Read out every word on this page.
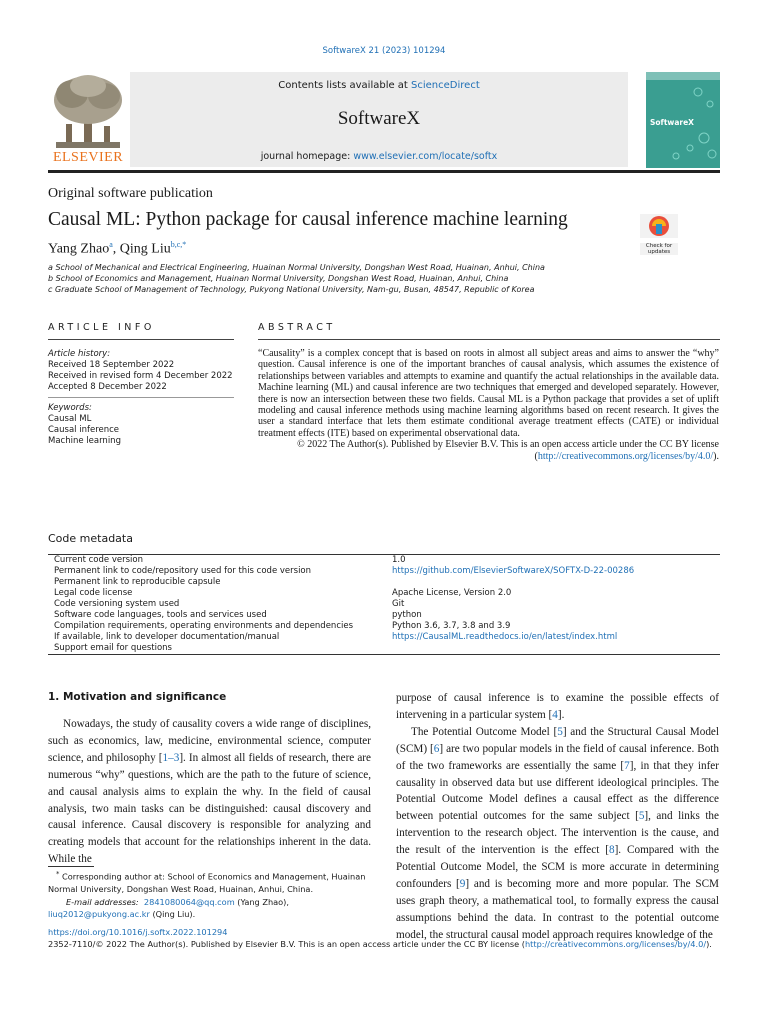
SoftwareX 21 (2023) 101294
ELSEVIER
Contents lists available at ScienceDirect
SoftwareX
journal homepage: www.elsevier.com/locate/softx
SoftwareX
Original software publication
Causal ML: Python package for causal inference machine learning
Yang Zhao$^a$, Qing Liu$^{b,c,*}$	Check for
updates
a School of Mechanical and Electrical Engineering, Huainan Normal University, Dongshan West Road, Huainan, Anhui, China
b School of Economics and Management, Huainan Normal University, Dongshan West Road, Huainan, Anhui, China
c Graduate School of Management of Technology, Pukyong National University, Nam-gu, Busan, 48547, Republic of Korea
ARTICLE INFO	ABSTRACT
Article history:
Received 18 September 2022
Received in revised form 4 December 2022
Accepted 8 December 2022
Keywords:
Causal ML
Causal inference
Machine learning

“Causality” is a complex concept that is based on roots in almost all subject areas and aims to answer the “why” question. Causal inference is one of the important branches of causal analysis, which assumes the existence of relationships between variables and attempts to examine and quantify the actual relationships in the available data. Machine learning (ML) and causal inference are two techniques that emerged and developed separately. However, there is now an intersection between these two fields. Causal ML is a Python package that provides a set of uplift modeling and causal inference methods using machine learning algorithms based on recent research. It gives the user a standard interface that lets them estimate conditional average treatment effects (CATE) or individual treatment effects (ITE) based on experimental observational data.

© 2022 The Author(s). Published by Elsevier B.V. This is an open access article under the CC BY license
(http://creativecommons.org/licenses/by/4.0/).

Code metadata
Current code version	1.0
Permanent link to code/repository used for this code version	https://github.com/ElsevierSoftwareX/SOFTX-D-22-00286
Permanent link to reproducible capsule
Legal code license	Apache License, Version 2.0
Code versioning system used	Git
Software code languages, tools and services used	python
Compilation requirements, operating environments and dependencies	Python 3.6, 3.7, 3.8 and 3.9
If available, link to developer documentation/manual	https://CausalML.readthedocs.io/en/latest/index.html
Support email for questions
1. Motivation and significance

Nowadays, the study of causality covers a wide range of disciplines, such as economics, law, medicine, environmental science, computer science, and philosophy [1–3]. In almost all fields of research, there are numerous “why” questions, which are the path to the future of science, and causal analysis aims to explain the why. In the field of causal analysis, two main tasks can be distinguished: causal discovery and causal inference. Causal discovery is responsible for analyzing and creating models that account for the relationships inherent in the data. While the

* Corresponding author at: School of Economics and Management, Huainan Normal University, Dongshan West Road, Huainan, Anhui, China.
E-mail addresses: 2841080064@qq.com (Yang Zhao),
liuq2012@pukyong.ac.kr (Qing Liu).

purpose of causal inference is to examine the possible effects of intervening in a particular system [4].

The Potential Outcome Model [5] and the Structural Causal Model (SCM) [6] are two popular models in the field of causal inference. Both of the two frameworks are essentially the same [7], in that they infer causality in observed data but use different ideological principles. The Potential Outcome Model defines a causal effect as the difference between potential outcomes for the same subject [5], and links the intervention to the research object. The intervention is the cause, and the result of the intervention is the effect [8]. Compared with the Potential Outcome Model, the SCM is more accurate in determining confounders [9] and is becoming more and more popular. The SCM uses graph theory, a mathematical tool, to formally express the causal assumptions behind the data. In contrast to the potential outcome model, the structural causal model approach requires knowledge of the

https://doi.org/10.1016/j.softx.2022.101294
2352-7110/© 2022 The Author(s). Published by Elsevier B.V. This is an open access article under the CC BY license (http://creativecommons.org/licenses/by/4.0/).
